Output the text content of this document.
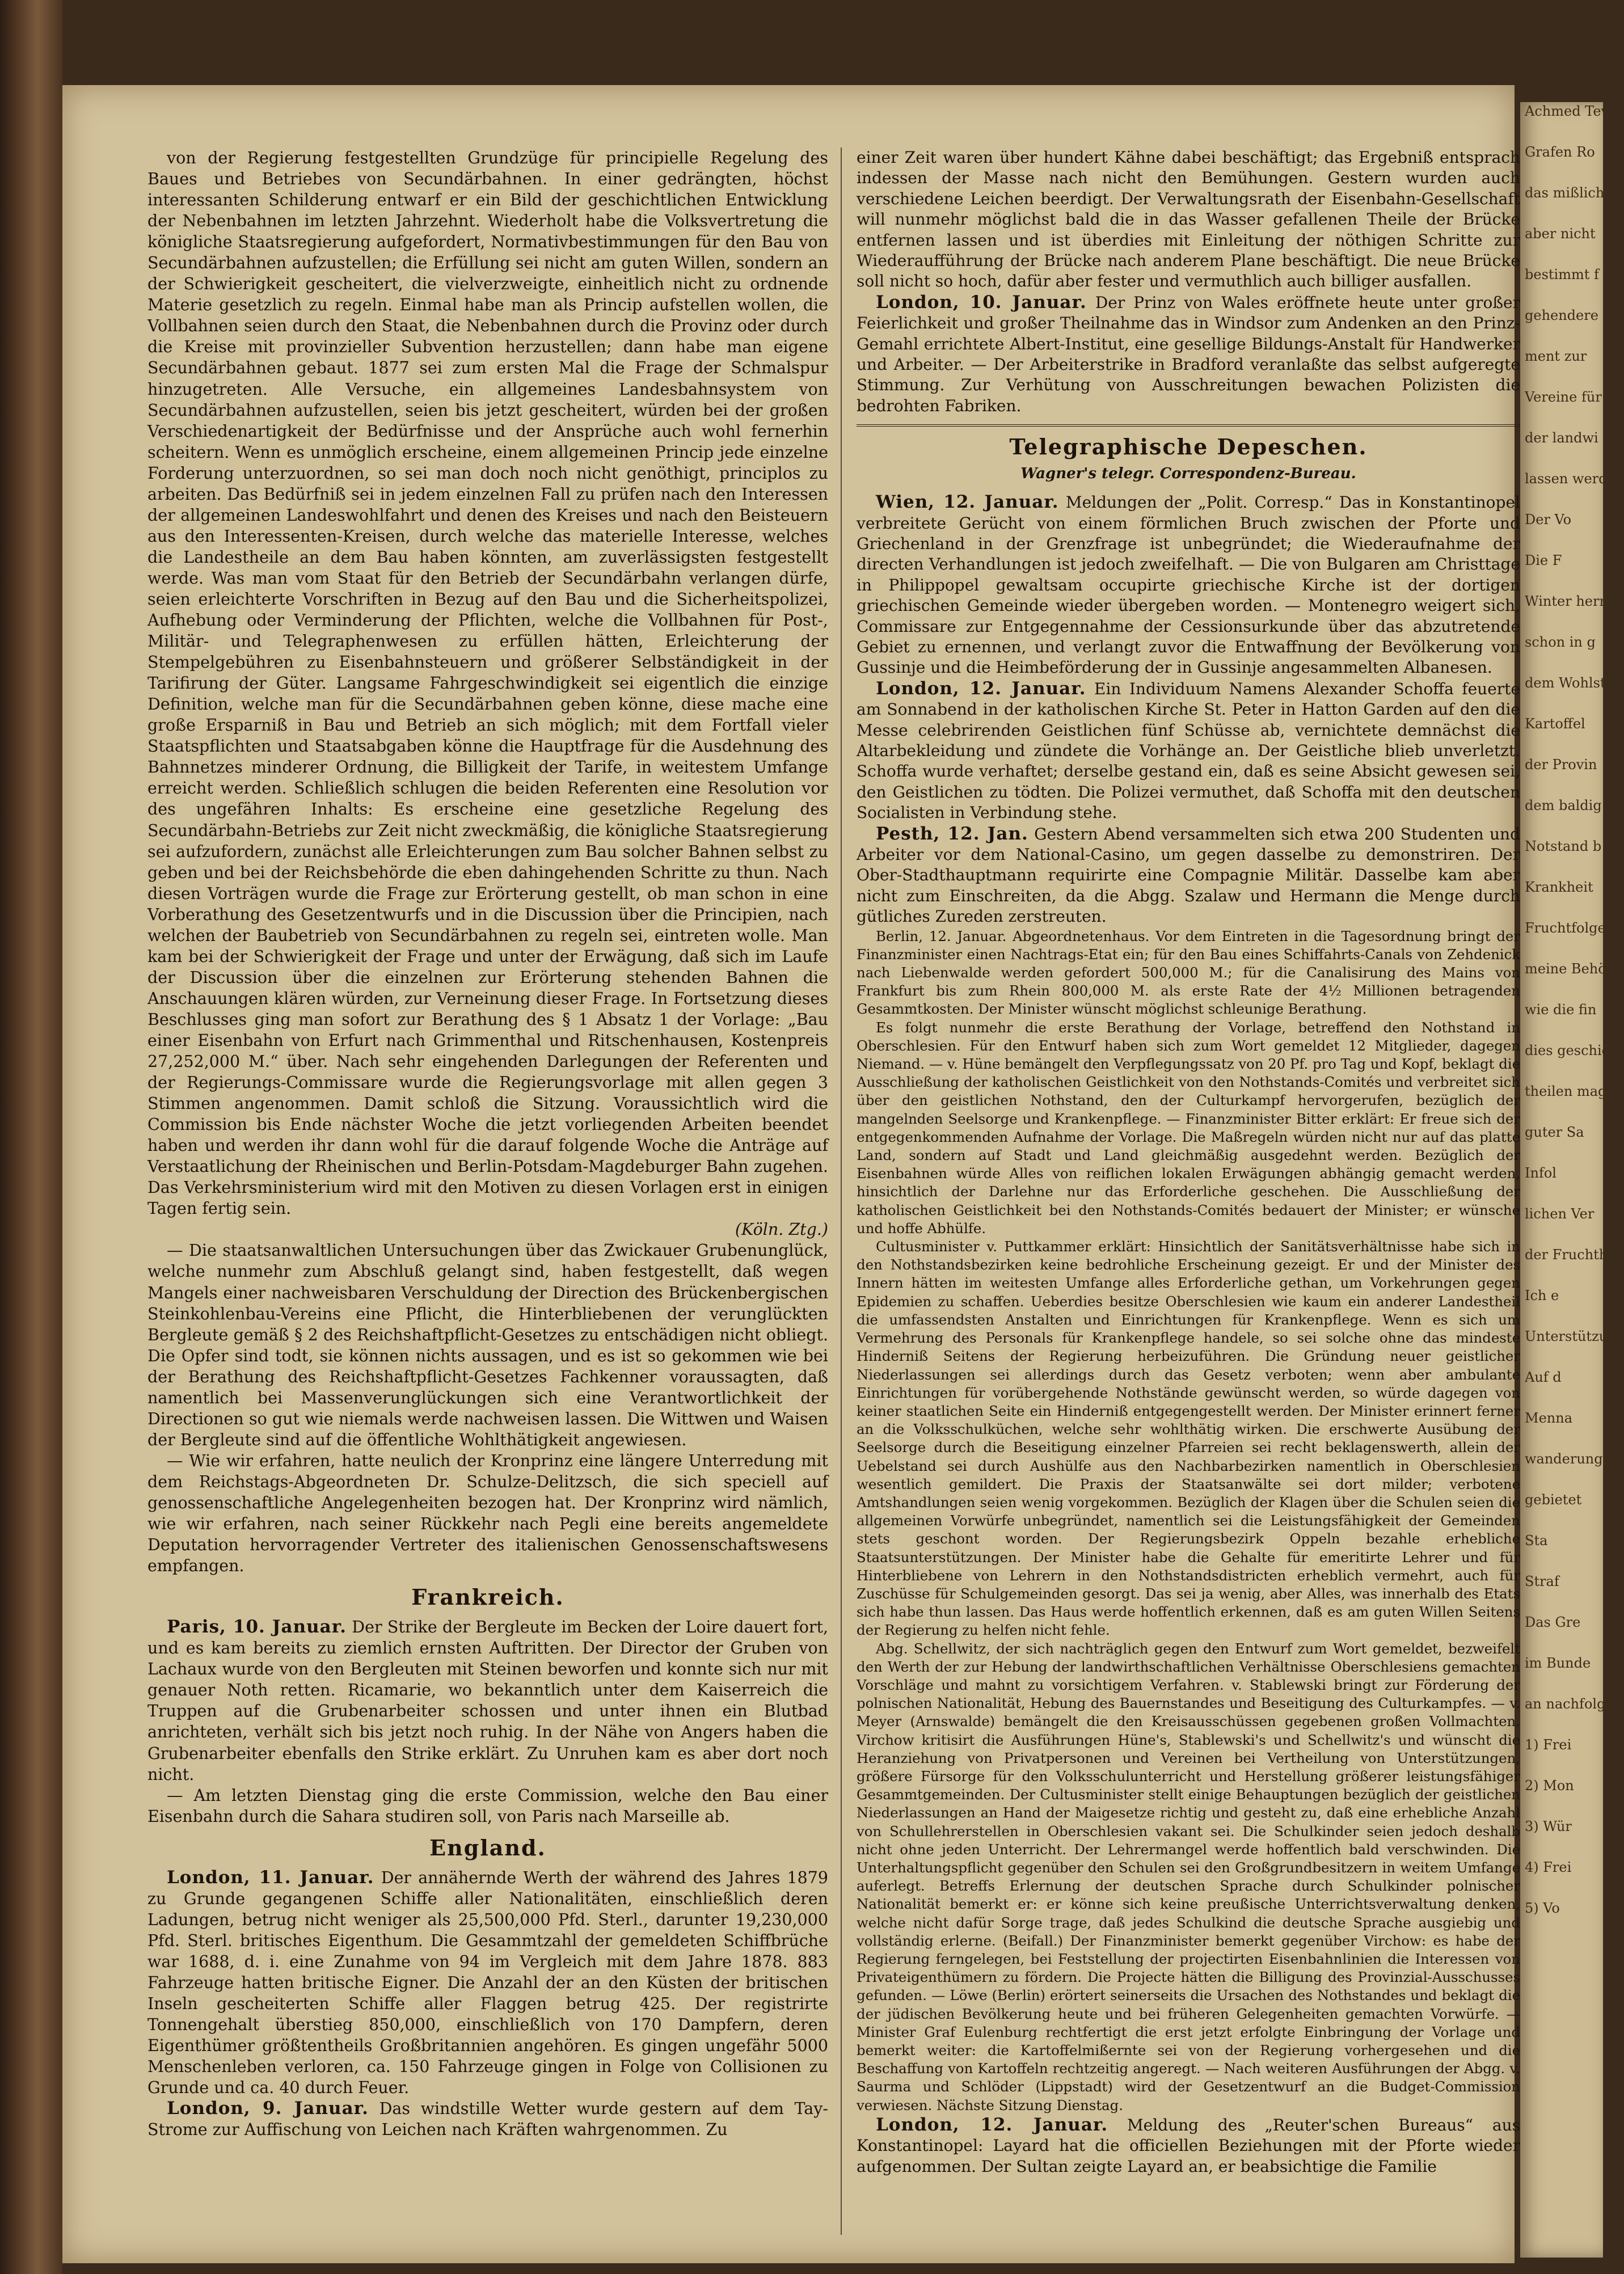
Achmed Tev

Grafen Ro

das mißlich

aber nicht

bestimmt f

gehendere

ment zur

Vereine für

der landwi

lassen werde

Der Vo

Die F

Winter herr

schon in g

dem Wohlst

Kartoffel

der Provin

dem baldig

Notstand b

Krankheit

Fruchtfolge

meine Behö

wie die fin

dies geschieht

theilen mag

guter Sa

Infol

lichen Ver

der Fruchth

Ich e

Unterstützun

Auf d

Menna

wanderung

gebietet

Sta

Straf

Das Gre

im Bunde

an nachfolge

1) Frei

2) Mon

3) Wür

4) Frei

5) Vo

von der Regierung festgestellten Grundzüge für principielle Regelung des Baues und Betriebes von Secundärbahnen. In einer gedrängten, höchst interessanten Schilderung entwarf er ein Bild der geschichtlichen Entwicklung der Nebenbahnen im letzten Jahrzehnt. Wiederholt habe die Volksvertretung die königliche Staatsregierung aufgefordert, Normativbestimmungen für den Bau von Secundärbahnen aufzustellen; die Erfüllung sei nicht am guten Willen, sondern an der Schwierigkeit gescheitert, die vielverzweigte, einheitlich nicht zu ordnende Materie gesetzlich zu regeln. Einmal habe man als Princip aufstellen wollen, die Vollbahnen seien durch den Staat, die Nebenbahnen durch die Provinz oder durch die Kreise mit provinzieller Subvention herzustellen; dann habe man eigene Secundärbahnen gebaut. 1877 sei zum ersten Mal die Frage der Schmalspur hinzugetreten. Alle Versuche, ein allgemeines Landesbahnsystem von Secundärbahnen aufzustellen, seien bis jetzt gescheitert, würden bei der großen Verschiedenartigkeit der Bedürfnisse und der Ansprüche auch wohl fernerhin scheitern. Wenn es unmöglich erscheine, einem allgemeinen Princip jede einzelne Forderung unterzuordnen, so sei man doch noch nicht genöthigt, principlos zu arbeiten. Das Bedürfniß sei in jedem einzelnen Fall zu prüfen nach den Interessen der allgemeinen Landeswohlfahrt und denen des Kreises und nach den Beisteuern aus den Interessenten-Kreisen, durch welche das materielle Interesse, welches die Landestheile an dem Bau haben könnten, am zuverlässigsten festgestellt werde. Was man vom Staat für den Betrieb der Secundärbahn verlangen dürfe, seien erleichterte Vorschriften in Bezug auf den Bau und die Sicherheitspolizei, Aufhebung oder Verminderung der Pflichten, welche die Vollbahnen für Post-, Militär- und Telegraphenwesen zu erfüllen hätten, Erleichterung der Stempelgebühren zu Eisenbahnsteuern und größerer Selbständigkeit in der Tarifirung der Güter. Langsame Fahrgeschwindigkeit sei eigentlich die einzige Definition, welche man für die Secundärbahnen geben könne, diese mache eine große Ersparniß in Bau und Betrieb an sich möglich; mit dem Fortfall vieler Staatspflichten und Staatsabgaben könne die Hauptfrage für die Ausdehnung des Bahnnetzes minderer Ordnung, die Billigkeit der Tarife, in weitestem Umfange erreicht werden. Schließlich schlugen die beiden Referenten eine Resolution vor des ungefähren Inhalts: Es erscheine eine gesetzliche Regelung des Secundärbahn-Betriebs zur Zeit nicht zweckmäßig, die königliche Staatsregierung sei aufzufordern, zunächst alle Erleichterungen zum Bau solcher Bahnen selbst zu geben und bei der Reichsbehörde die eben dahingehenden Schritte zu thun. Nach diesen Vorträgen wurde die Frage zur Erörterung gestellt, ob man schon in eine Vorberathung des Gesetzentwurfs und in die Discussion über die Principien, nach welchen der Baubetrieb von Secundärbahnen zu regeln sei, eintreten wolle. Man kam bei der Schwierigkeit der Frage und unter der Erwägung, daß sich im Laufe der Discussion über die einzelnen zur Erörterung stehenden Bahnen die Anschauungen klären würden, zur Verneinung dieser Frage. In Fortsetzung dieses Beschlusses ging man sofort zur Berathung des § 1 Absatz 1 der Vorlage: „Bau einer Eisenbahn von Erfurt nach Grimmenthal und Ritschenhausen, Kostenpreis 27,252,000 M.“ über. Nach sehr eingehenden Darlegungen der Referenten und der Regierungs-Commissare wurde die Regierungsvorlage mit allen gegen 3 Stimmen angenommen. Damit schloß die Sitzung. Voraussichtlich wird die Commission bis Ende nächster Woche die jetzt vorliegenden Arbeiten beendet haben und werden ihr dann wohl für die darauf folgende Woche die Anträge auf Verstaatlichung der Rheinischen und Berlin-Potsdam-Magdeburger Bahn zugehen. Das Verkehrsministerium wird mit den Motiven zu diesen Vorlagen erst in einigen Tagen fertig sein.

(Köln. Ztg.)

— Die staatsanwaltlichen Untersuchungen über das Zwickauer Grubenunglück, welche nunmehr zum Abschluß gelangt sind, haben festgestellt, daß wegen Mangels einer nachweisbaren Verschuldung der Direction des Brückenbergischen Steinkohlenbau-Vereins eine Pflicht, die Hinterbliebenen der verunglückten Bergleute gemäß § 2 des Reichshaftpflicht-Gesetzes zu entschädigen nicht obliegt. Die Opfer sind todt, sie können nichts aussagen, und es ist so gekommen wie bei der Berathung des Reichshaftpflicht-Gesetzes Fachkenner voraussagten, daß namentlich bei Massenverunglückungen sich eine Verantwortlichkeit der Directionen so gut wie niemals werde nachweisen lassen. Die Wittwen und Waisen der Bergleute sind auf die öffentliche Wohlthätigkeit angewiesen.

— Wie wir erfahren, hatte neulich der Kronprinz eine längere Unterredung mit dem Reichstags-Abgeordneten Dr. Schulze-Delitzsch, die sich speciell auf genossenschaftliche Angelegenheiten bezogen hat. Der Kronprinz wird nämlich, wie wir erfahren, nach seiner Rückkehr nach Pegli eine bereits angemeldete Deputation hervorragender Vertreter des italienischen Genossenschaftswesens empfangen.

Frankreich.

Paris, 10. Januar. Der Strike der Bergleute im Becken der Loire dauert fort, und es kam bereits zu ziemlich ernsten Auftritten. Der Director der Gruben von Lachaux wurde von den Bergleuten mit Steinen beworfen und konnte sich nur mit genauer Noth retten. Ricamarie, wo bekanntlich unter dem Kaiserreich die Truppen auf die Grubenarbeiter schossen und unter ihnen ein Blutbad anrichteten, verhält sich bis jetzt noch ruhig. In der Nähe von Angers haben die Grubenarbeiter ebenfalls den Strike erklärt. Zu Unruhen kam es aber dort noch nicht.

— Am letzten Dienstag ging die erste Commission, welche den Bau einer Eisenbahn durch die Sahara studiren soll, von Paris nach Marseille ab.

England.

London, 11. Januar. Der annähernde Werth der während des Jahres 1879 zu Grunde gegangenen Schiffe aller Nationalitäten, einschließlich deren Ladungen, betrug nicht weniger als 25,500,000 Pfd. Sterl., darunter 19,230,000 Pfd. Sterl. britisches Eigenthum. Die Gesammtzahl der gemeldeten Schiffbrüche war 1688, d. i. eine Zunahme von 94 im Vergleich mit dem Jahre 1878. 883 Fahrzeuge hatten britische Eigner. Die Anzahl der an den Küsten der britischen Inseln gescheiterten Schiffe aller Flaggen betrug 425. Der registrirte Tonnengehalt überstieg 850,000, einschließlich von 170 Dampfern, deren Eigenthümer größtentheils Großbritannien angehören. Es gingen ungefähr 5000 Menschenleben verloren, ca. 150 Fahrzeuge gingen in Folge von Collisionen zu Grunde und ca. 40 durch Feuer.

London, 9. Januar. Das windstille Wetter wurde gestern auf dem Tay-Strome zur Auffischung von Leichen nach Kräften wahrgenommen. Zu

einer Zeit waren über hundert Kähne dabei beschäftigt; das Ergebniß entsprach indessen der Masse nach nicht den Bemühungen. Gestern wurden auch verschiedene Leichen beerdigt. Der Verwaltungsrath der Eisenbahn-Gesellschaft will nunmehr möglichst bald die in das Wasser gefallenen Theile der Brücke entfernen lassen und ist überdies mit Einleitung der nöthigen Schritte zur Wiederaufführung der Brücke nach anderem Plane beschäftigt. Die neue Brücke soll nicht so hoch, dafür aber fester und vermuthlich auch billiger ausfallen.

London, 10. Januar. Der Prinz von Wales eröffnete heute unter großer Feierlichkeit und großer Theilnahme das in Windsor zum Andenken an den Prinz-Gemahl errichtete Albert-Institut, eine gesellige Bildungs-Anstalt für Handwerker und Arbeiter. — Der Arbeiterstrike in Bradford veranlaßte das selbst aufgeregte Stimmung. Zur Verhütung von Ausschreitungen bewachen Polizisten die bedrohten Fabriken.

Telegraphische Depeschen.
Wagner's telegr. Correspondenz-Bureau.

Wien, 12. Januar. Meldungen der „Polit. Corresp.“ Das in Konstantinopel verbreitete Gerücht von einem förmlichen Bruch zwischen der Pforte und Griechenland in der Grenzfrage ist unbegründet; die Wiederaufnahme der directen Verhandlungen ist jedoch zweifelhaft. — Die von Bulgaren am Christtage in Philippopel gewaltsam occupirte griechische Kirche ist der dortigen griechischen Gemeinde wieder übergeben worden. — Montenegro weigert sich, Commissare zur Entgegennahme der Cessionsurkunde über das abzutretende Gebiet zu ernennen, und verlangt zuvor die Entwaffnung der Bevölkerung von Gussinje und die Heimbeförderung der in Gussinje angesammelten Albanesen.

London, 12. Januar. Ein Individuum Namens Alexander Schoffa feuerte am Sonnabend in der katholischen Kirche St. Peter in Hatton Garden auf den die Messe celebrirenden Geistlichen fünf Schüsse ab, vernichtete demnächst die Altarbekleidung und zündete die Vorhänge an. Der Geistliche blieb unverletzt. Schoffa wurde verhaftet; derselbe gestand ein, daß es seine Absicht gewesen sei, den Geistlichen zu tödten. Die Polizei vermuthet, daß Schoffa mit den deutschen Socialisten in Verbindung stehe.

Pesth, 12. Jan. Gestern Abend versammelten sich etwa 200 Studenten und Arbeiter vor dem National-Casino, um gegen dasselbe zu demonstriren. Der Ober-Stadthauptmann requirirte eine Compagnie Militär. Dasselbe kam aber nicht zum Einschreiten, da die Abgg. Szalaw und Hermann die Menge durch gütliches Zureden zerstreuten.

Berlin, 12. Januar. Abgeordnetenhaus. Vor dem Eintreten in die Tagesordnung bringt der Finanzminister einen Nachtrags-Etat ein; für den Bau eines Schiffahrts-Canals von Zehdenick nach Liebenwalde werden gefordert 500,000 M.; für die Canalisirung des Mains von Frankfurt bis zum Rhein 800,000 M. als erste Rate der 4½ Millionen betragenden Gesammtkosten. Der Minister wünscht möglichst schleunige Berathung.

Es folgt nunmehr die erste Berathung der Vorlage, betreffend den Nothstand in Oberschlesien. Für den Entwurf haben sich zum Wort gemeldet 12 Mitglieder, dagegen Niemand. — v. Hüne bemängelt den Verpflegungssatz von 20 Pf. pro Tag und Kopf, beklagt die Ausschließung der katholischen Geistlichkeit von den Nothstands-Comités und verbreitet sich über den geistlichen Nothstand, den der Culturkampf hervorgerufen, bezüglich der mangelnden Seelsorge und Krankenpflege. — Finanzminister Bitter erklärt: Er freue sich der entgegenkommenden Aufnahme der Vorlage. Die Maßregeln würden nicht nur auf das platte Land, sondern auf Stadt und Land gleichmäßig ausgedehnt werden. Bezüglich der Eisenbahnen würde Alles von reiflichen lokalen Erwägungen abhängig gemacht werden, hinsichtlich der Darlehne nur das Erforderliche geschehen. Die Ausschließung der katholischen Geistlichkeit bei den Nothstands-Comités bedauert der Minister; er wünsche und hoffe Abhülfe.

Cultusminister v. Puttkammer erklärt: Hinsichtlich der Sanitätsverhältnisse habe sich in den Nothstandsbezirken keine bedrohliche Erscheinung gezeigt. Er und der Minister des Innern hätten im weitesten Umfange alles Erforderliche gethan, um Vorkehrungen gegen Epidemien zu schaffen. Ueberdies besitze Oberschlesien wie kaum ein anderer Landestheil die umfassendsten Anstalten und Einrichtungen für Krankenpflege. Wenn es sich um Vermehrung des Personals für Krankenpflege handele, so sei solche ohne das mindeste Hinderniß Seitens der Regierung herbeizuführen. Die Gründung neuer geistlicher Niederlassungen sei allerdings durch das Gesetz verboten; wenn aber ambulante Einrichtungen für vorübergehende Nothstände gewünscht werden, so würde dagegen von keiner staatlichen Seite ein Hinderniß entgegengestellt werden. Der Minister erinnert ferner an die Volksschulküchen, welche sehr wohlthätig wirken. Die erschwerte Ausübung der Seelsorge durch die Beseitigung einzelner Pfarreien sei recht beklagenswerth, allein der Uebelstand sei durch Aushülfe aus den Nachbarbezirken namentlich in Oberschlesien wesentlich gemildert. Die Praxis der Staatsanwälte sei dort milder; verbotene Amtshandlungen seien wenig vorgekommen. Bezüglich der Klagen über die Schulen seien die allgemeinen Vorwürfe unbegründet, namentlich sei die Leistungsfähigkeit der Gemeinden stets geschont worden. Der Regierungsbezirk Oppeln bezahle erhebliche Staatsunterstützungen. Der Minister habe die Gehalte für emeritirte Lehrer und für Hinterbliebene von Lehrern in den Nothstandsdistricten erheblich vermehrt, auch für Zuschüsse für Schulgemeinden gesorgt. Das sei ja wenig, aber Alles, was innerhalb des Etats sich habe thun lassen. Das Haus werde hoffentlich erkennen, daß es am guten Willen Seitens der Regierung zu helfen nicht fehle.

Abg. Schellwitz, der sich nachträglich gegen den Entwurf zum Wort gemeldet, bezweifelt den Werth der zur Hebung der landwirthschaftlichen Verhältnisse Oberschlesiens gemachten Vorschläge und mahnt zu vorsichtigem Verfahren. v. Stablewski bringt zur Förderung der polnischen Nationalität, Hebung des Bauernstandes und Beseitigung des Culturkampfes. — v. Meyer (Arnswalde) bemängelt die den Kreisausschüssen gegebenen großen Vollmachten. Virchow kritisirt die Ausführungen Hüne's, Stablewski's und Schellwitz's und wünscht die Heranziehung von Privatpersonen und Vereinen bei Vertheilung von Unterstützungen, größere Fürsorge für den Volksschulunterricht und Herstellung größerer leistungsfähiger Gesammtgemeinden. Der Cultusminister stellt einige Behauptungen bezüglich der geistlichen Niederlassungen an Hand der Maigesetze richtig und gesteht zu, daß eine erhebliche Anzahl von Schullehrerstellen in Oberschlesien vakant sei. Die Schulkinder seien jedoch deshalb nicht ohne jeden Unterricht. Der Lehrermangel werde hoffentlich bald verschwinden. Die Unterhaltungspflicht gegenüber den Schulen sei den Großgrundbesitzern in weitem Umfange auferlegt. Betreffs Erlernung der deutschen Sprache durch Schulkinder polnischer Nationalität bemerkt er: er könne sich keine preußische Unterrichtsverwaltung denken, welche nicht dafür Sorge trage, daß jedes Schulkind die deutsche Sprache ausgiebig und vollständig erlerne. (Beifall.) Der Finanzminister bemerkt gegenüber Virchow: es habe der Regierung ferngelegen, bei Feststellung der projectirten Eisenbahnlinien die Interessen von Privateigenthümern zu fördern. Die Projecte hätten die Billigung des Provinzial-Ausschusses gefunden. — Löwe (Berlin) erörtert seinerseits die Ursachen des Nothstandes und beklagt die der jüdischen Bevölkerung heute und bei früheren Gelegenheiten gemachten Vorwürfe. — Minister Graf Eulenburg rechtfertigt die erst jetzt erfolgte Einbringung der Vorlage und bemerkt weiter: die Kartoffelmißernte sei von der Regierung vorhergesehen und die Beschaffung von Kartoffeln rechtzeitig angeregt. — Nach weiteren Ausführungen der Abgg. v. Saurma und Schlöder (Lippstadt) wird der Gesetzentwurf an die Budget-Commission verwiesen. Nächste Sitzung Dienstag.

London, 12. Januar. Meldung des „Reuter'schen Bureaus“ aus Konstantinopel: Layard hat die officiellen Beziehungen mit der Pforte wieder aufgenommen. Der Sultan zeigte Layard an, er beabsichtige die Familie
